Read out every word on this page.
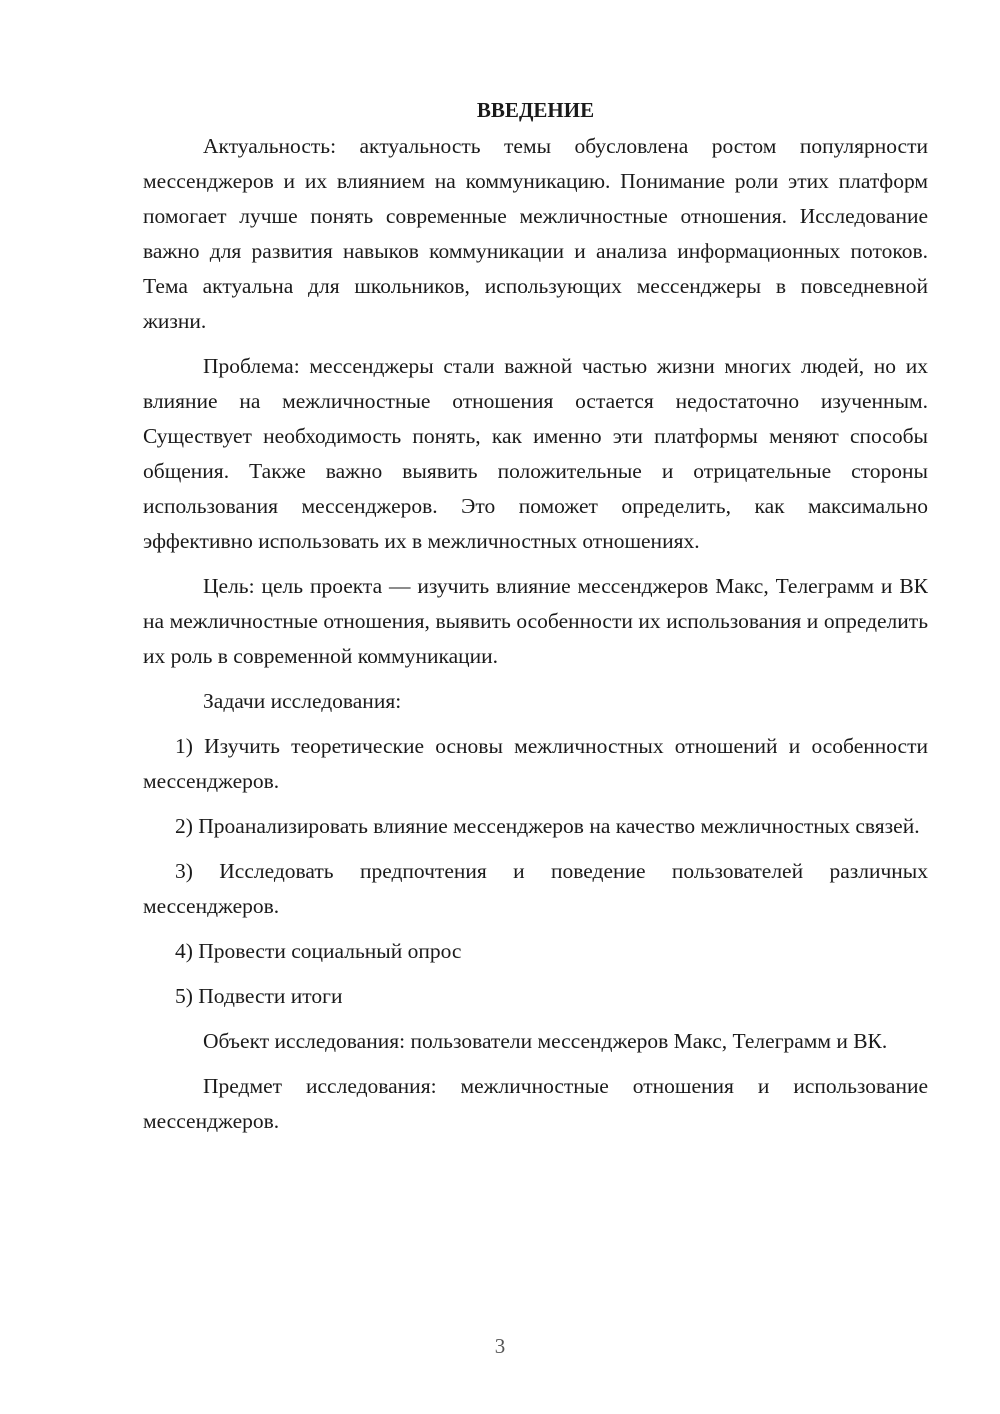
ВВЕДЕНИЕ

Актуальность: актуальность темы обусловлена ростом популярности мессенджеров и их влиянием на коммуникацию. Понимание роли этих платформ помогает лучше понять современные межличностные отношения. Исследование важно для развития навыков коммуникации и анализа информационных потоков. Тема актуальна для школьников, использующих мессенджеры в повседневной жизни.

Проблема: мессенджеры стали важной частью жизни многих людей, но их влияние на межличностные отношения остается недостаточно изученным. Существует необходимость понять, как именно эти платформы меняют способы общения. Также важно выявить положительные и отрицательные стороны использования мессенджеров. Это поможет определить, как максимально эффективно использовать их в межличностных отношениях.

Цель: цель проекта — изучить влияние мессенджеров Макс, Телеграмм и ВК на межличностные отношения, выявить особенности их использования и определить их роль в современной коммуникации.

Задачи исследования:

1) Изучить теоретические основы межличностных отношений и особенности мессенджеров.

2) Проанализировать влияние мессенджеров на качество межличностных связей.

3) Исследовать предпочтения и поведение пользователей различных мессенджеров.

4) Провести социальный опрос

5) Подвести итоги

Объект исследования: пользователи мессенджеров Макс, Телеграмм и ВК.

Предмет исследования: межличностные отношения и использование мессенджеров.

3
